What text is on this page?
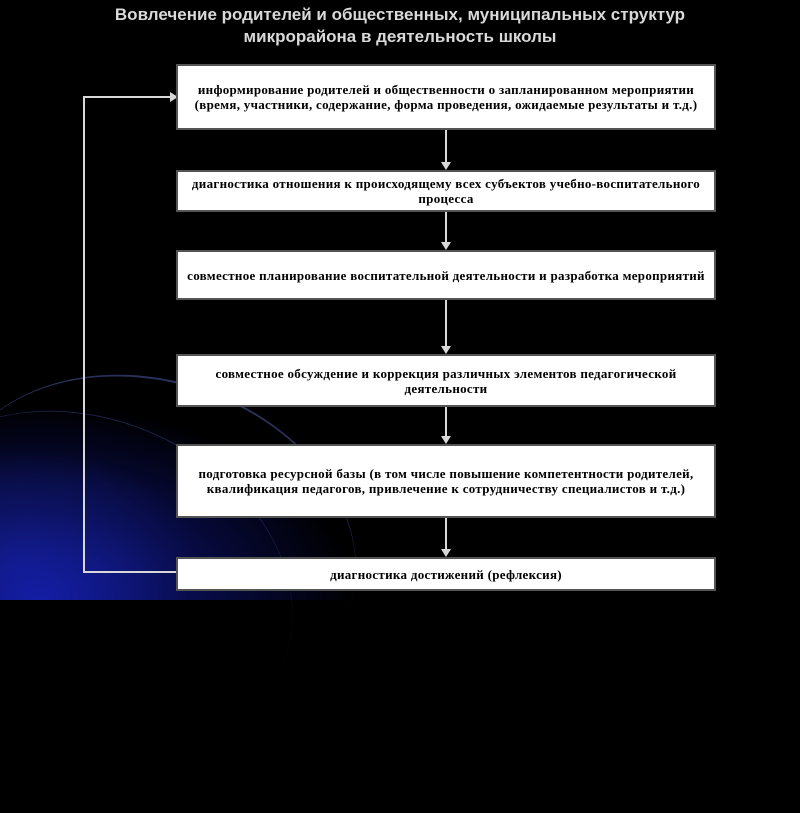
Вовлечение родителей и общественных, муниципальных структур
микрорайона в деятельность школы
информирование родителей и общественности о запланированном мероприятии (время, участники, содержание, форма проведения, ожидаемые результаты и т.д.)
диагностика отношения к происходящему всех субъектов учебно-воспитательного процесса
совместное планирование воспитательной деятельности и разработка мероприятий
совместное обсуждение и коррекция различных элементов педагогической деятельности
подготовка ресурсной базы (в том числе повышение компетентности родителей, квалификация педагогов, привлечение к сотрудничеству специалистов и т.д.)
диагностика достижений (рефлексия)
